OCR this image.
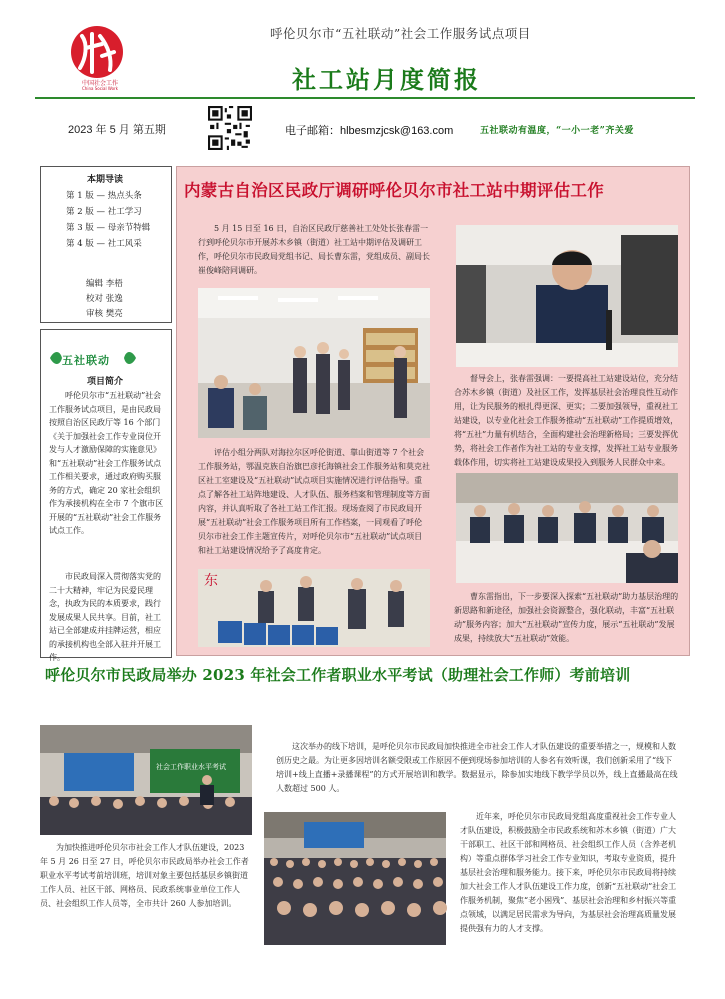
中国社会工作
China Social Work
呼伦贝尔市“五社联动”社会工作服务试点项目
社工站月度简报
2023 年 5 月 第五期	电子邮箱：hlbesmzjcsk@163.com	五社联动有温度，“一小一老”齐关爱
本期导读
第 1 版 — 热点头条
第 2 版 — 社工学习
第 3 版 — 母亲节特辑
第 4 版 — 社工风采
编辑 李梧
校对 张逸
审核 樊亮
五社联动
项目简介
呼伦贝尔市“五社联动”社会工作服务试点项目，是由民政局按照自治区民政厅等 16 个部门《关于加强社会工作专业岗位开发与人才激励保障的实施意见》和“五社联动”社会工作服务试点工作相关要求，通过政府购买服务的方式，确定 20 家社会组织作为承接机构在全市 7 个旗市区开展的“五社联动”社会工作服务试点工作。
市民政局深入贯彻落实党的二十大精神，牢记为民爱民理念，执政为民的本质要求，践行发展成果人民共享。目前，社工站已全部建成并挂牌运营，相应的承接机构也全部入驻并开展工作。
内蒙古自治区民政厅调研呼伦贝尔市社工站中期评估工作
5 月 15 日至 16 日，自治区民政厅慈善社工处处长张春雷一行到呼伦贝尔市开展苏木乡镇（街道）社工站中期评估及调研工作，呼伦贝尔市民政局党组书记、局长曹东雷，党组成员、副局长崔俊峰陪同调研。
评估小组分两队对海拉尔区呼伦街道、靠山街道等 7 个社会工作服务站，鄂温克族自治旗巴彦托海镇社会工作服务站和莫克社区社工室建设及“五社联动”试点项目实施情况进行评估指导。重点了解各社工站阵地建设、人才队伍、服务档案和管理制度等方面内容，并认真听取了各社工站工作汇报。现场查阅了市民政局开展“五社联动”社会工作服务项目所有工作档案，一同观看了呼伦贝尔市社会工作主题宣传片，对呼伦贝尔市“五社联动”试点项目和社工站建设情况给予了高度肯定。
督导会上，张春雷强调：一要提高社工站建设站位，充分结合苏木乡镇（街道）及社区工作，发挥基层社会治理良性互动作用，让为民服务的根扎得更深、更实；二要加强领导，重视社工站建设，以专业化社会工作服务推动“五社联动”工作提质增效，将“五社”力量有机结合，全面构建社会治理新格局；三要发挥优势，将社会工作者作为社工站的专业支撑，发挥社工站专业服务载体作用，切实将社工站建设成果投入到服务人民群众中来。
东
曹东雷指出，下一步要深入探索“五社联动”助力基层治理的新思路和新途径，加强社会资源整合，强化联动，丰富“五社联动”服务内容；加大“五社联动”宣传力度，展示“五社联动”发展成果，持续放大“五社联动”效能。
呼伦贝尔市民政局举办 2023 年社会工作者职业水平考试（助理社会工作师）考前培训
社会工作职业水平考试
为加快推进呼伦贝尔市社会工作人才队伍建设，2023 年 5 月 26 日至 27 日，呼伦贝尔市民政局举办社会工作者职业水平考试考前培训班，培训对象主要包括基层乡镇街道工作人员、社区干部、网格员、民政系统事业单位工作人员、社会组织工作人员等，全市共计 260 人参加培训。
这次举办的线下培训，是呼伦贝尔市民政局加快推进全市社会工作人才队伍建设的重要举措之一，规模和人数创历史之最。为让更多因培训名额受限或工作原因不便到现场参加培训的人参名有效听课，我们创新采用了“线下培训+线上直播+录播课程”的方式开展培训和教学。数据显示，除参加实地线下教学学员以外，线上直播最高在线人数超过 500 人。
近年来，呼伦贝尔市民政局党组高度重视社会工作专业人才队伍建设，积极鼓励全市民政系统和苏木乡镇（街道）广大干部职工、社区干部和网格员、社会组织工作人员（含养老机构）等重点群体学习社会工作专业知识，考取专业资质，提升基层社会治理和服务能力。接下来，呼伦贝尔市民政局将持续加大社会工作人才队伍建设工作力度，创新“五社联动”社会工作服务机制，聚焦“老小困残”、基层社会治理和乡村振兴等重点领域，以满足居民需求为导向，为基层社会治理高质量发展提供强有力的人才支撑。
